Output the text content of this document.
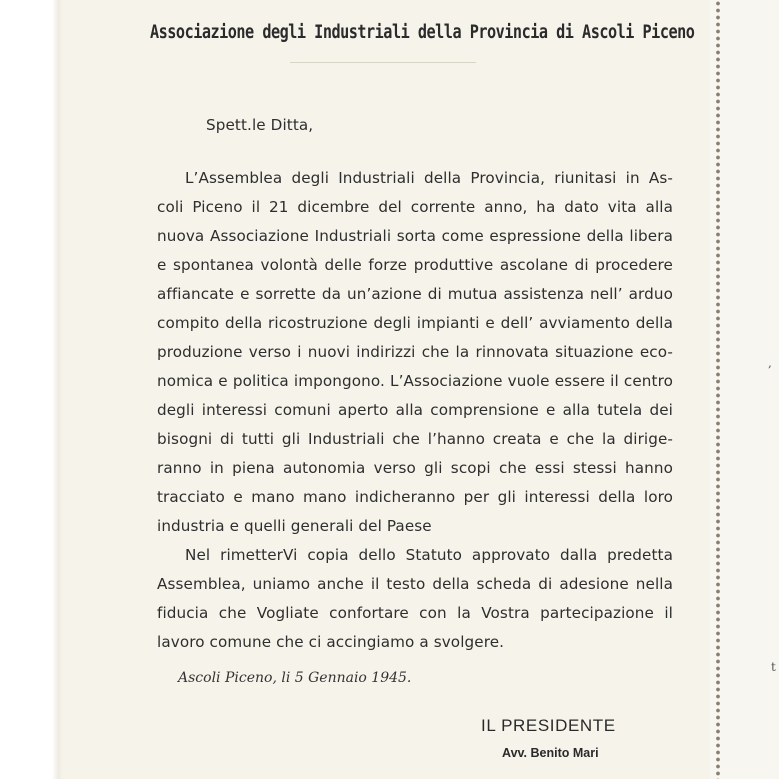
,
t
Associazione degli Industriali della Provincia di Ascoli Piceno
Spett.le Ditta,
L’Assemblea degli Industriali della Provincia, riunitasi in As-
coli Piceno il 21 dicembre del corrente anno, ha dato vita alla
nuova Associazione Industriali sorta come espressione della libera
e spontanea volontà delle forze produttive ascolane di procedere
affiancate e sorrette da un’azione di mutua assistenza nell’ arduo
compito della ricostruzione degli impianti e dell’ avviamento della
produzione verso i nuovi indirizzi che la rinnovata situazione eco-
nomica e politica impongono. L’Associazione vuole essere il centro
degli interessi comuni aperto alla comprensione e alla tutela dei
bisogni di tutti gli Industriali che l’hanno creata e che la dirige-
ranno in piena autonomia verso gli scopi che essi stessi hanno
tracciato e mano mano indicheranno per gli interessi della loro
industria e quelli generali del Paese
Nel rimetterVi copia dello Statuto approvato dalla predetta
Assemblea, uniamo anche il testo della scheda di adesione nella
fiducia che Vogliate confortare con la Vostra partecipazione il
lavoro comune che ci accingiamo a svolgere.
Ascoli Piceno, li 5 Gennaio 1945.
IL PRESIDENTE
Avv. Benito Mari
